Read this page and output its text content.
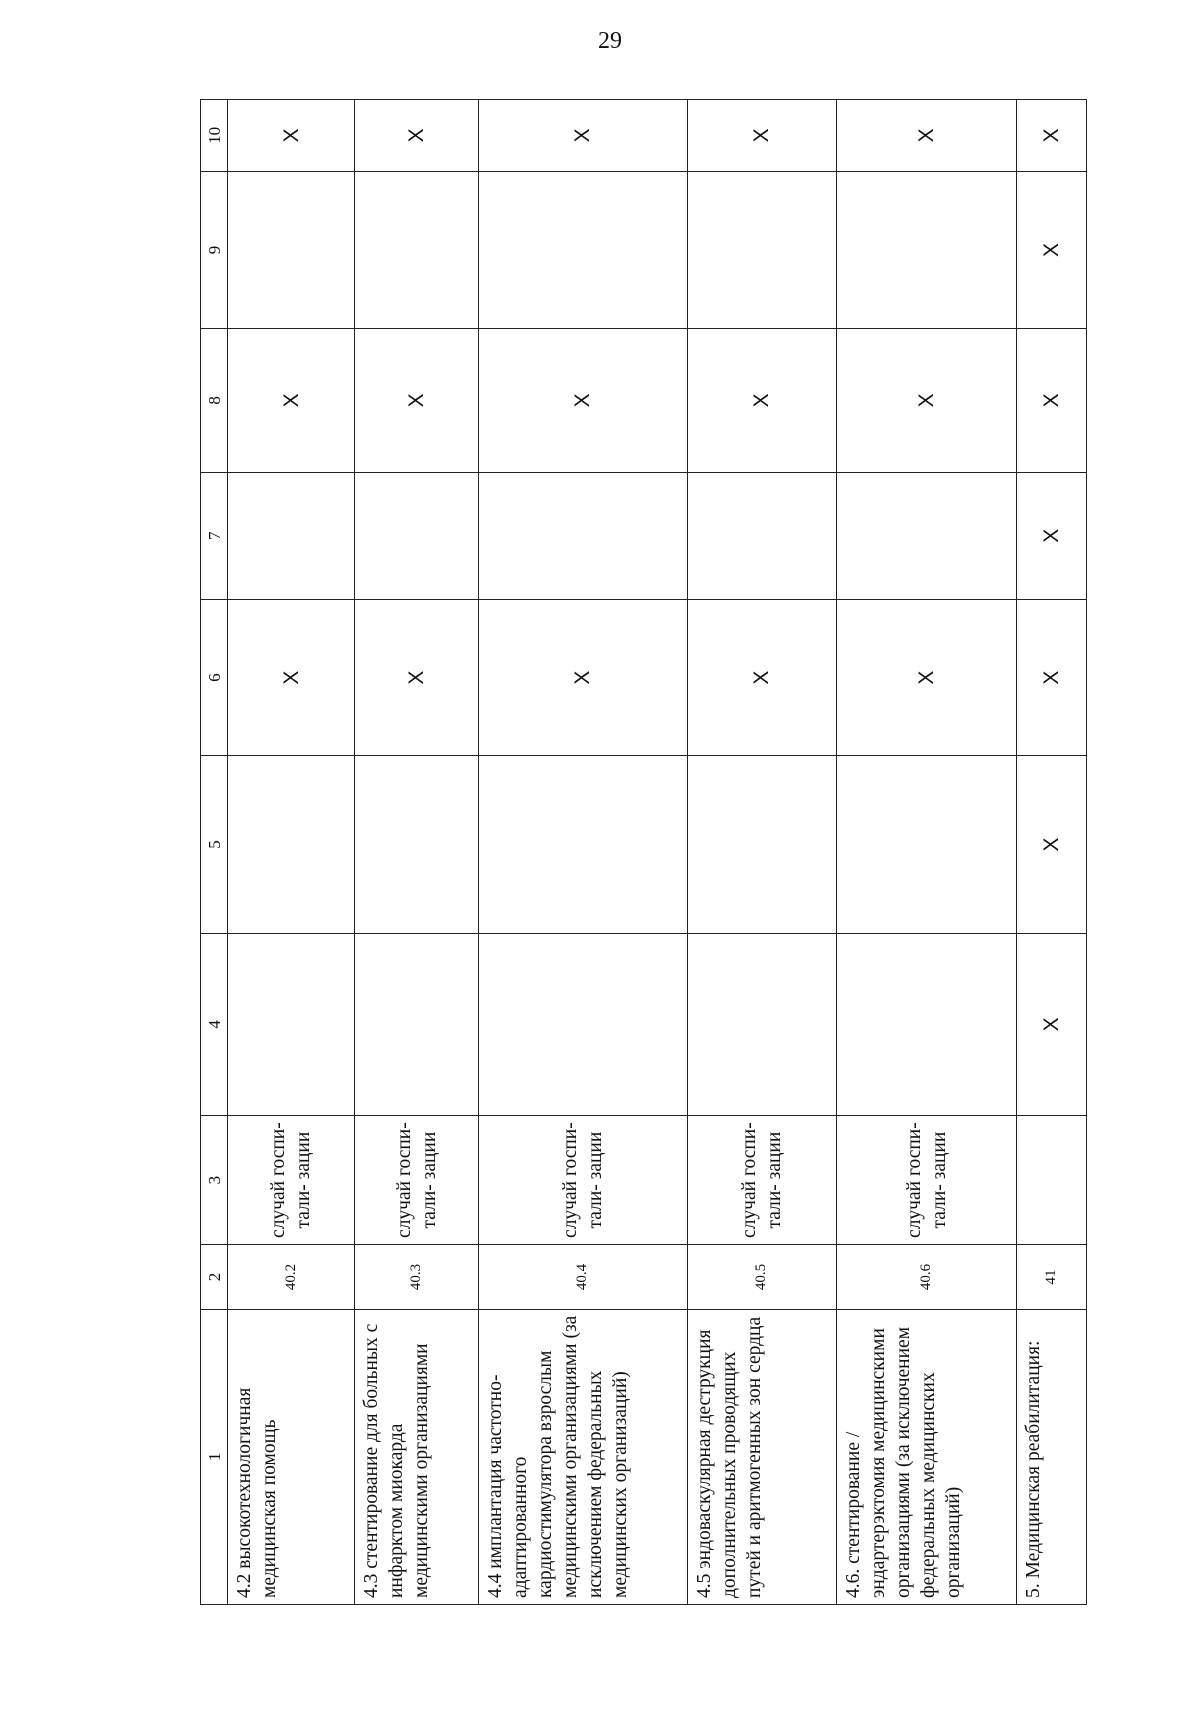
29
1	2	3	4	5	6	7	8	9	10
4.2 высокотехнологичная медицинская помощь	40.2	случай госпи- тали- зации			X		X		X
4.3 стентирование для больных с инфарктом миокарда медицинскими организациями	40.3	случай госпи- тали- зации			X		X		X
4.4 имплантация частотно-адаптированного кардиостимулятора взрослым медицинскими организациями (за исключением федеральных медицинских организаций)	40.4	случай госпи- тали- зации			X		X		X
4.5 эндоваскулярная деструкция дополнительных проводящих путей и аритмогенных зон сердца	40.5	случай госпи- тали- зации			X		X		X
4.6. стентирование / эндартерэктомия медицинскими организациями (за исключением федеральных медицинских организаций)	40.6	случай госпи- тали- зации			X		X		X
5. Медицинская реабилитация:	41		X	X	X	X	X	X	X
